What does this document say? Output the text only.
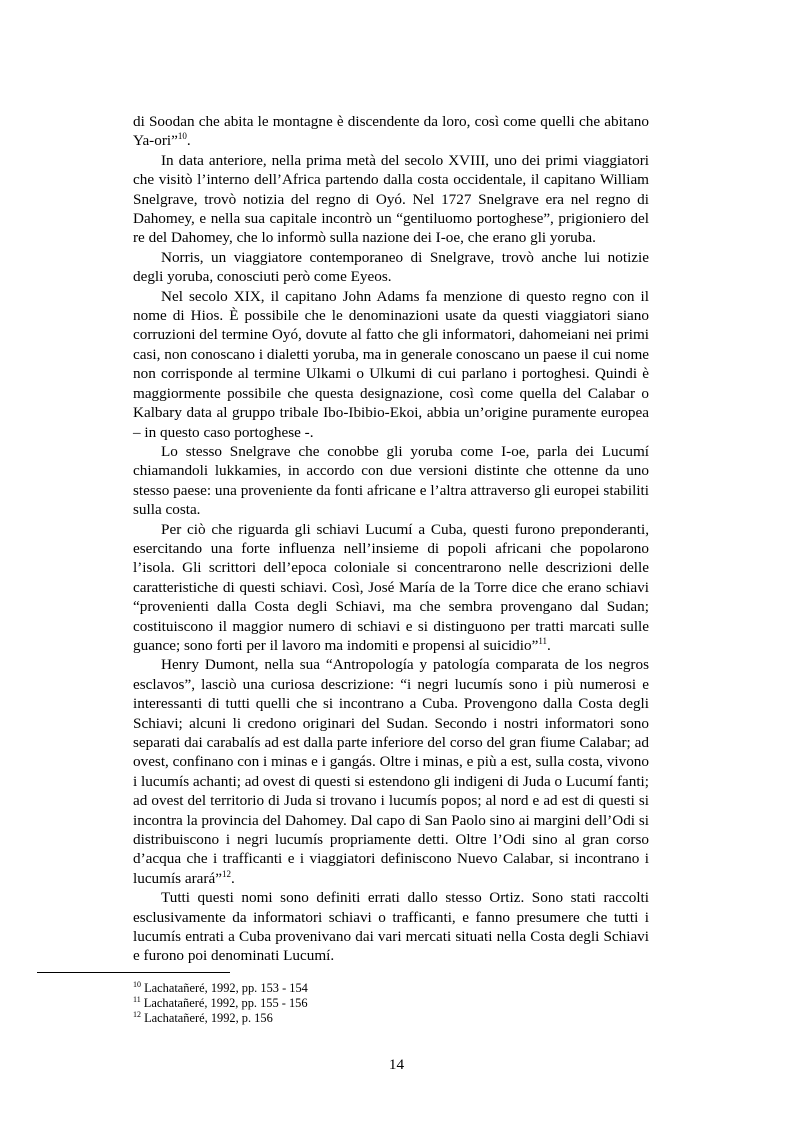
di Soodan che abita le montagne è discendente da loro, così come quelli che abitano Ya-ori”$^{10}$.

In data anteriore, nella prima metà del secolo XVIII, uno dei primi viaggiatori che visitò l’interno dell’Africa partendo dalla costa occidentale, il capitano William Snelgrave, trovò notizia del regno di Oyó. Nel 1727 Snelgrave era nel regno di Dahomey, e nella sua capitale incontrò un “gentiluomo portoghese”, prigioniero del re del Dahomey, che lo informò sulla nazione dei I-oe, che erano gli yoruba.

Norris, un viaggiatore contemporaneo di Snelgrave, trovò anche lui notizie degli yoruba, conosciuti però come Eyeos.

Nel secolo XIX, il capitano John Adams fa menzione di questo regno con il nome di Hios. È possibile che le denominazioni usate da questi viaggiatori siano corruzioni del termine Oyó, dovute al fatto che gli informatori, dahomeiani nei primi casi, non conoscano i dialetti yoruba, ma in generale conoscano un paese il cui nome non corrisponde al termine Ulkami o Ulkumi di cui parlano i portoghesi. Quindi è maggiormente possibile che questa designazione, così come quella del Calabar o Kalbary data al gruppo tribale Ibo-Ibibio-Ekoi, abbia un’origine puramente europea – in questo caso portoghese -.

Lo stesso Snelgrave che conobbe gli yoruba come I-oe, parla dei Lucumí chiamandoli lukkamies, in accordo con due versioni distinte che ottenne da uno stesso paese: una proveniente da fonti africane e l’altra attraverso gli europei stabiliti sulla costa.

Per ciò che riguarda gli schiavi Lucumí a Cuba, questi furono preponderanti, esercitando una forte influenza nell’insieme di popoli africani che popolarono l’isola. Gli scrittori dell’epoca coloniale si concentrarono nelle descrizioni delle caratteristiche di questi schiavi. Così, José María de la Torre dice che erano schiavi “provenienti dalla Costa degli Schiavi, ma che sembra provengano dal Sudan; costituiscono il maggior numero di schiavi e si distinguono per tratti marcati sulle guance; sono forti per il lavoro ma indomiti e propensi al suicidio”$^{11}$.

Henry Dumont, nella sua “Antropología y patología comparata de los negros esclavos”, lasciò una curiosa descrizione: “i negri lucumís sono i più numerosi e interessanti di tutti quelli che si incontrano a Cuba. Provengono dalla Costa degli Schiavi; alcuni li credono originari del Sudan. Secondo i nostri informatori sono separati dai carabalís ad est dalla parte inferiore del corso del gran fiume Calabar; ad ovest, confinano con i minas e i gangás. Oltre i minas, e più a est, sulla costa, vivono i lucumís achanti; ad ovest di questi si estendono gli indigeni di Juda o Lucumí fanti; ad ovest del territorio di Juda si trovano i lucumís popos; al nord e ad est di questi si incontra la provincia del Dahomey. Dal capo di San Paolo sino ai margini dell’Odi si distribuiscono i negri lucumís propriamente detti. Oltre l’Odi sino al gran corso d’acqua che i trafficanti e i viaggiatori definiscono Nuevo Calabar, si incontrano i lucumís arará”$^{12}$.

Tutti questi nomi sono definiti errati dallo stesso Ortiz. Sono stati raccolti esclusivamente da informatori schiavi o trafficanti, e fanno presumere che tutti i lucumís entrati a Cuba provenivano dai vari mercati situati nella Costa degli Schiavi e furono poi denominati Lucumí.

$^{10}$ Lachatañeré, 1992, pp. 153 - 154
$^{11}$ Lachatañeré, 1992, pp. 155 - 156
$^{12}$ Lachatañeré, 1992, p. 156
14
